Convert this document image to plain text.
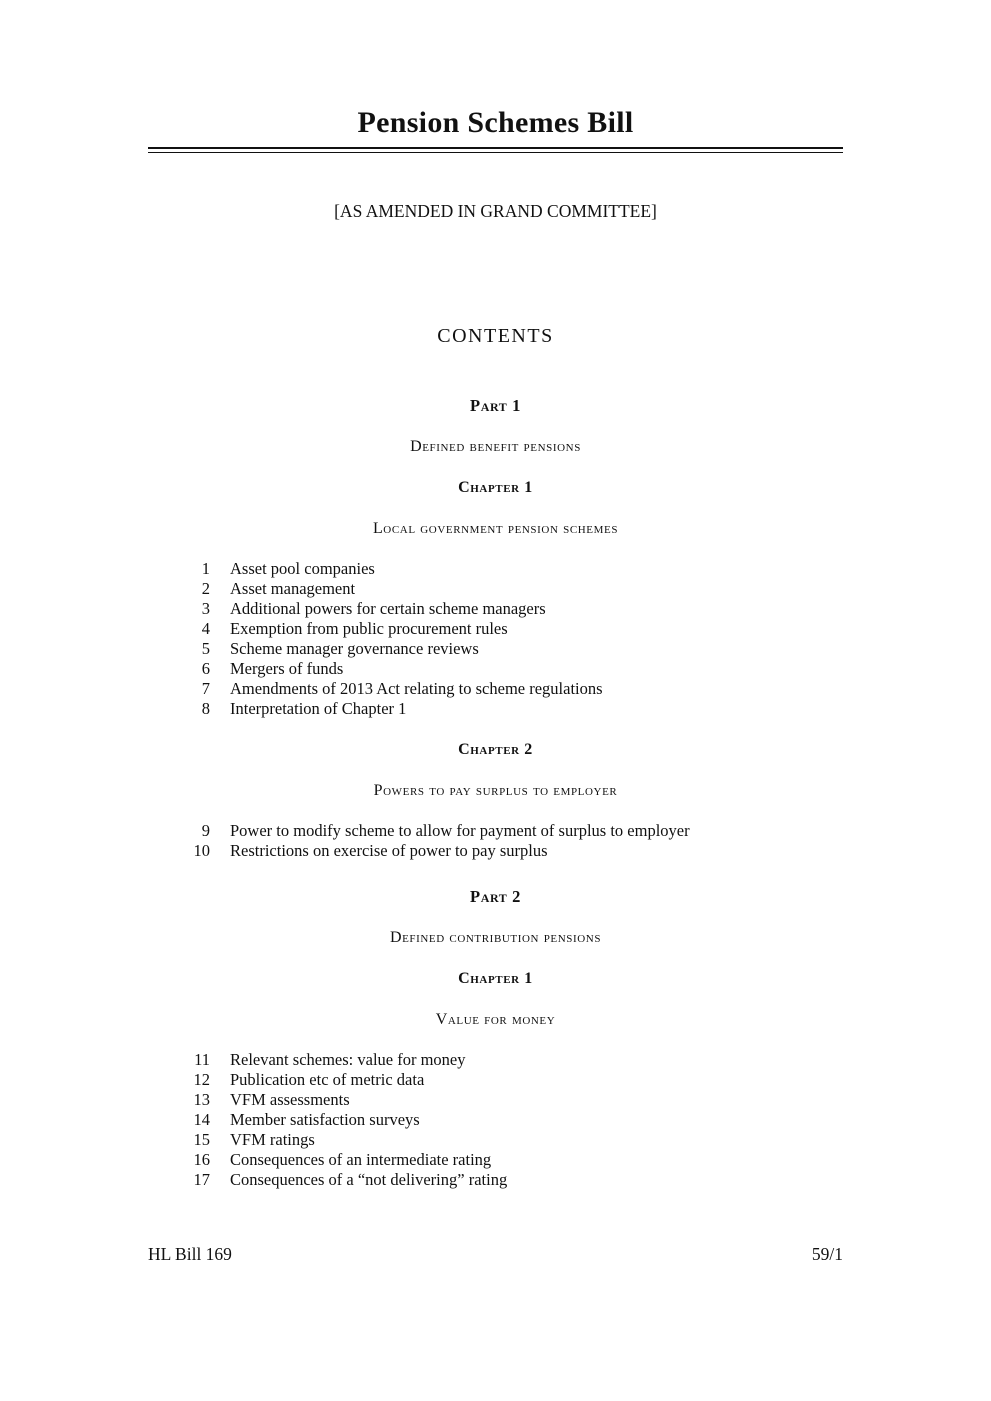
Pension Schemes Bill

[AS AMENDED IN GRAND COMMITTEE]

CONTENTS
Part 1
Defined benefit pensions
Chapter 1
Local government pension schemes
1 Asset pool companies
2 Asset management
3 Additional powers for certain scheme managers
4 Exemption from public procurement rules
5 Scheme manager governance reviews
6 Mergers of funds
7 Amendments of 2013 Act relating to scheme regulations
8 Interpretation of Chapter 1
Chapter 2
Powers to pay surplus to employer
9 Power to modify scheme to allow for payment of surplus to employer
10 Restrictions on exercise of power to pay surplus
Part 2
Defined contribution pensions
Chapter 1
Value for money
11 Relevant schemes: value for money
12 Publication etc of metric data
13 VFM assessments
14 Member satisfaction surveys
15 VFM ratings
16 Consequences of an intermediate rating
17 Consequences of a “not delivering” rating
HL Bill 169	59/1
